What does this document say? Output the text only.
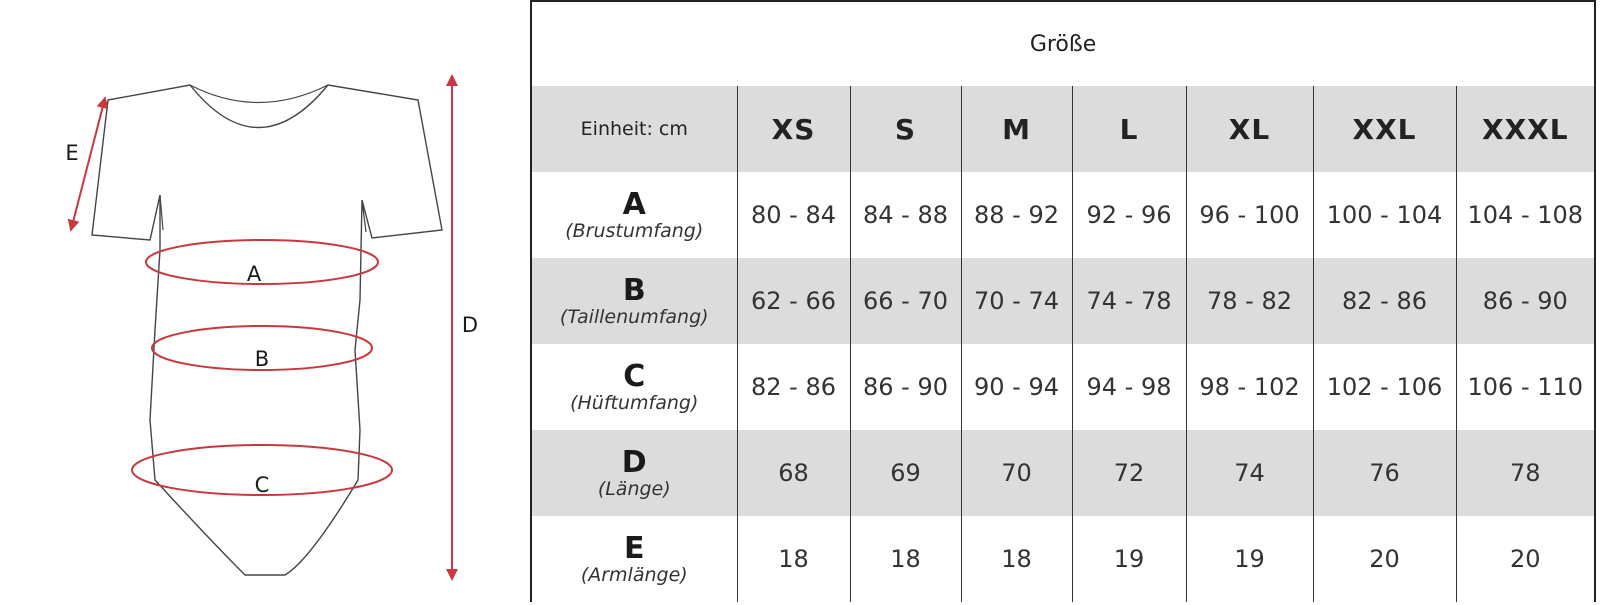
A
B
C
D
E
Größe							
Einheit: cm	XS	S	M	L	XL	XXL	XXXL

A
(Brustumfang)	80 - 84	84 - 88	88 - 92	92 - 96	96 - 100	100 - 104	104 - 108

B
(Taillenumfang)	62 - 66	66 - 70	70 - 74	74 - 78	78 - 82	82 - 86	86 - 90

C
(Hüftumfang)	82 - 86	86 - 90	90 - 94	94 - 98	98 - 102	102 - 106	106 - 110

D
(Länge)	68	69	70	72	74	76	78

E
(Armlänge)	18	18	18	19	19	20	20
